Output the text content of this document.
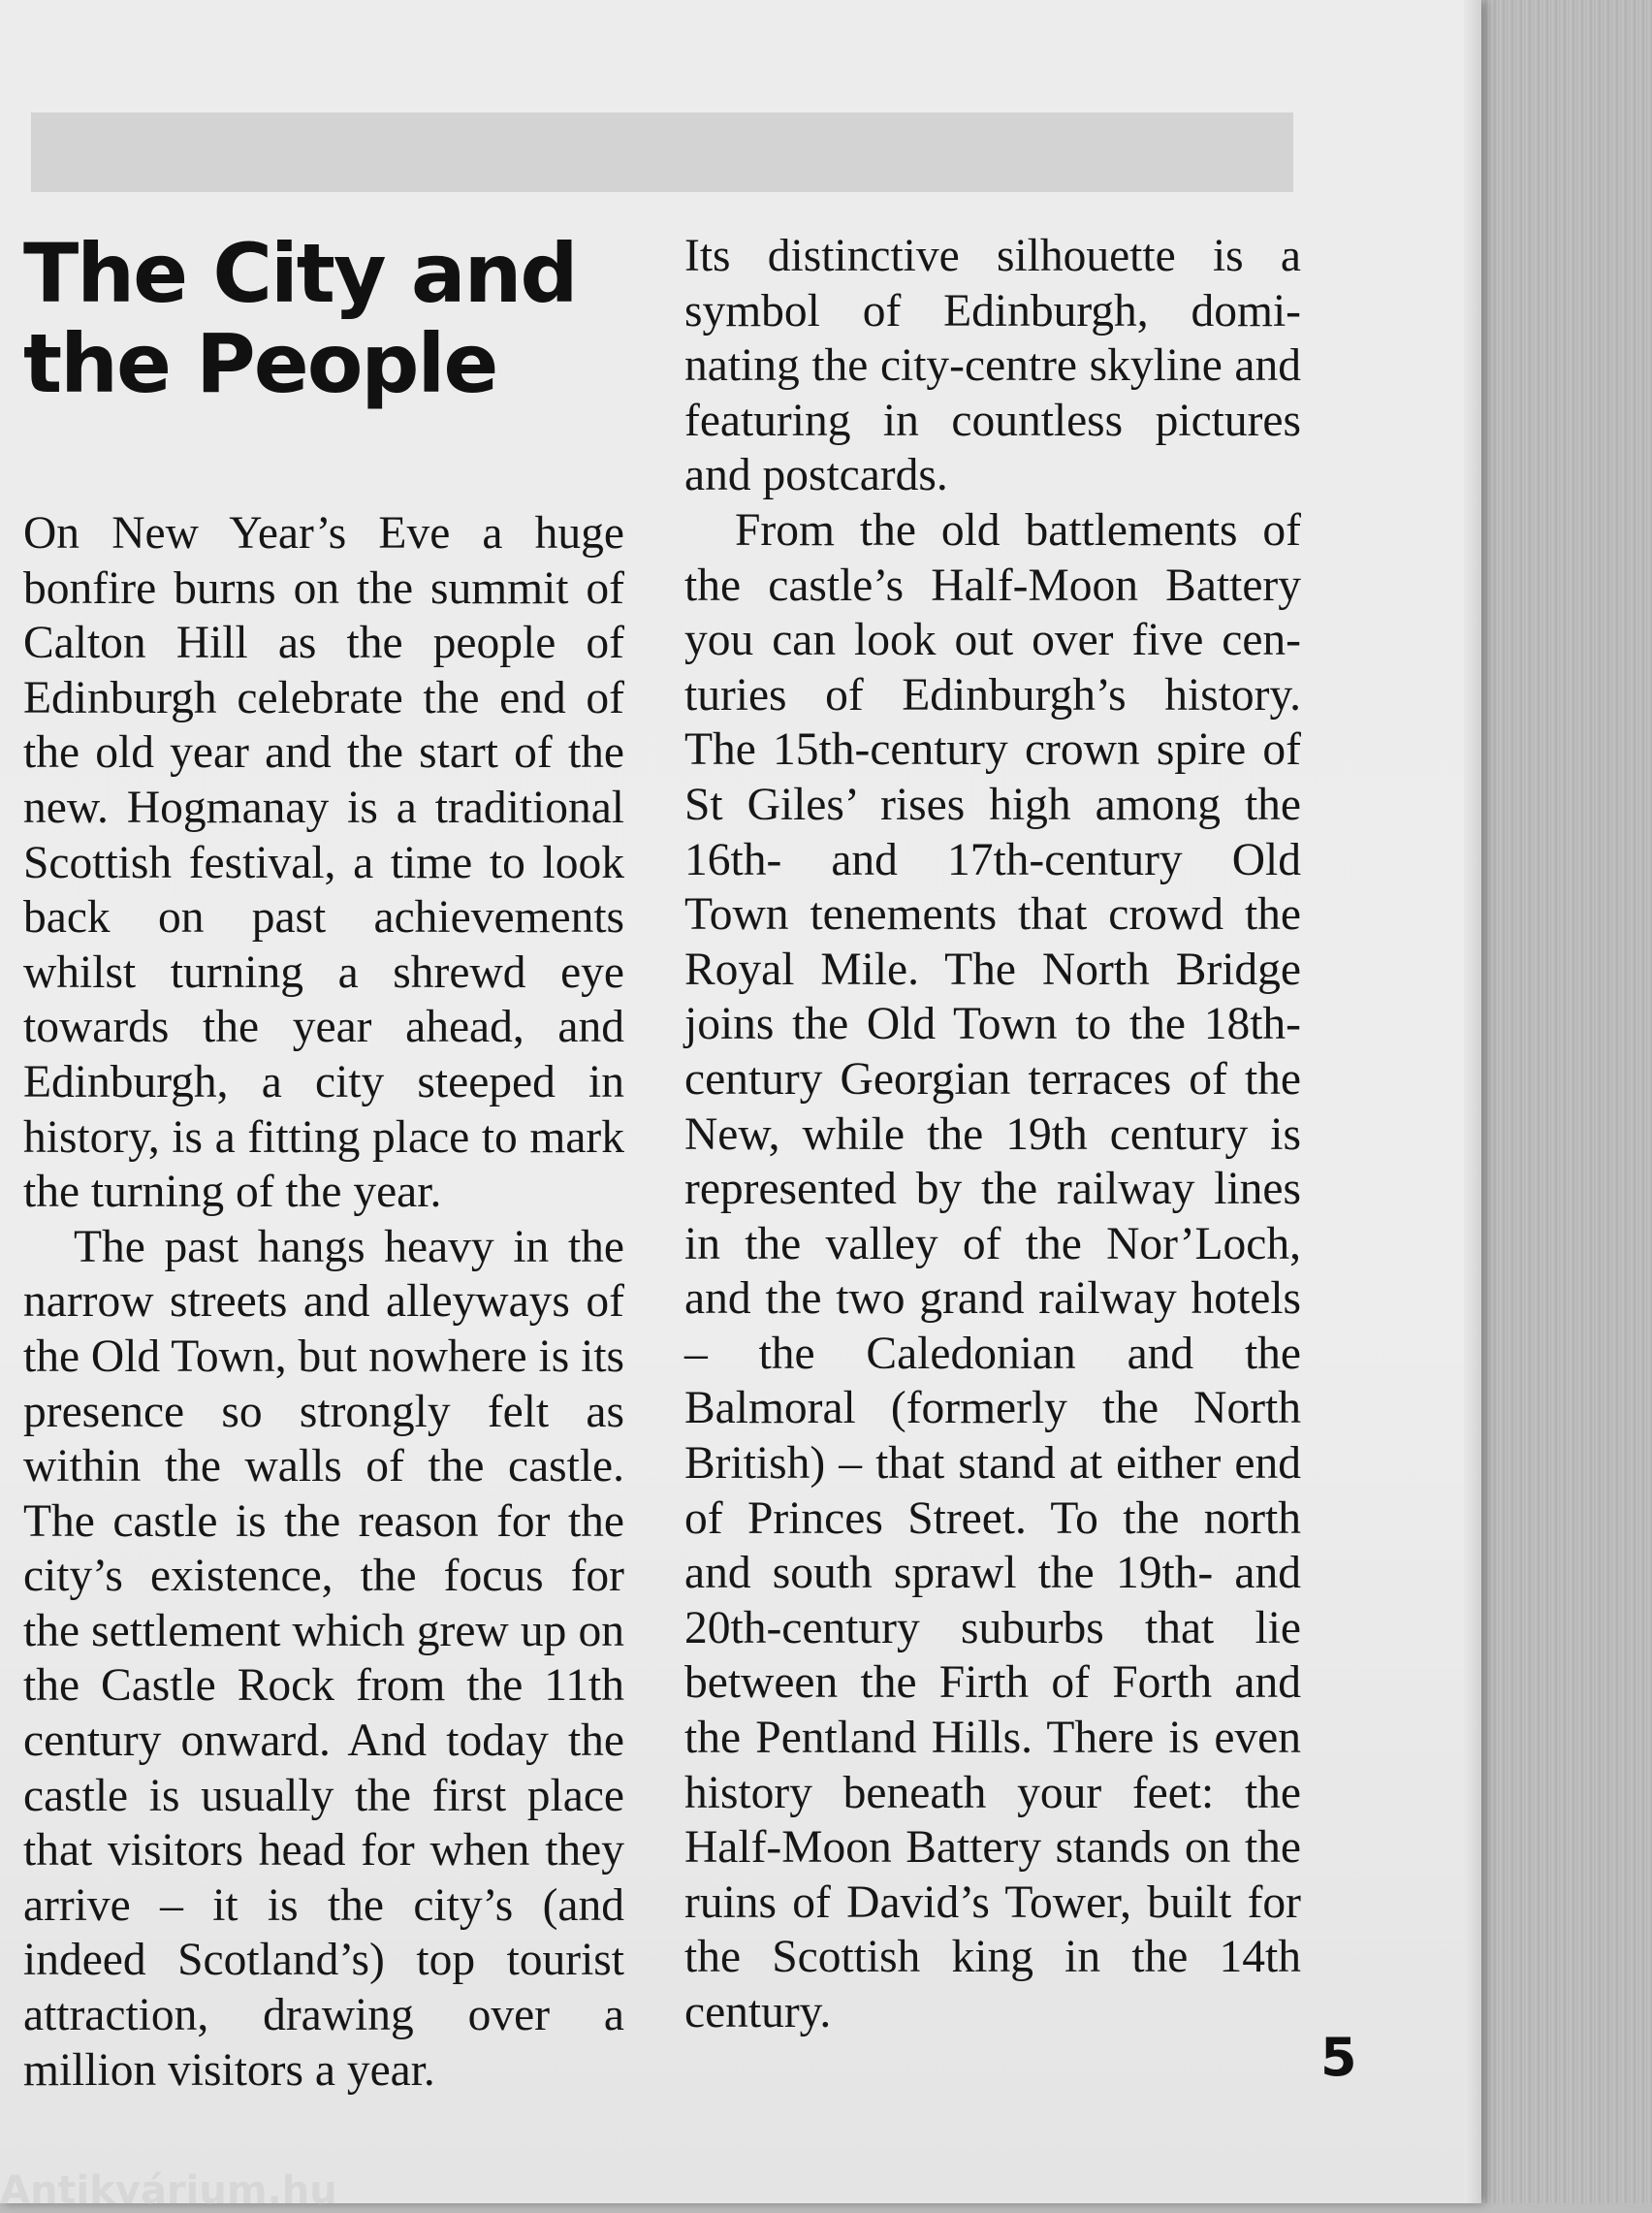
The City and
the People

On New Year’s Eve a huge bonfire burns on the summit of Calton Hill as the people of Edinburgh celebrate the end of the old year and the start of the new. Hogmanay is a traditional Scottish festival, a time to look back on past achievements whilst turning a shrewd eye towards the year ahead, and Edinburgh, a city steeped in history, is a fitting place to mark the turning of the year.

The past hangs heavy in the narrow streets and alleyways of the Old Town, but nowhere is its presence so strongly felt as within the walls of the castle. The castle is the reason for the city’s existence, the focus for the settlement which grew up on the Castle Rock from the 11th century onward. And today the castle is usually the first place that visitors head for when they arrive – it is the city’s (and indeed Scotland’s) top tourist attraction, drawing over a million visitors a year.

Its distinctive silhouette is a symbol of Edinburgh, dominating the city-centre skyline and featuring in countless pictures and postcards.

From the old battlements of the castle’s Half-Moon Battery you can look out over five centuries of Edinburgh’s history. The 15th-century crown spire of St Giles’ rises high among the 16th- and 17th-century Old Town tenements that crowd the Royal Mile. The North Bridge joins the Old Town to the 18th-century Georgian terraces of the New, while the 19th century is represented by the railway lines in the valley of the Nor’Loch, and the two grand railway hotels – the Caledonian and the Balmoral (formerly the North British) – that stand at either end of Princes Street. To the north and south sprawl the 19th- and 20th-century suburbs that lie between the Firth of Forth and the Pentland Hills. There is even history beneath your feet: the Half-Moon Battery stands on the ruins of David’s Tower, built for the Scottish king in the 14th century.

5
Antikvárium.hu
